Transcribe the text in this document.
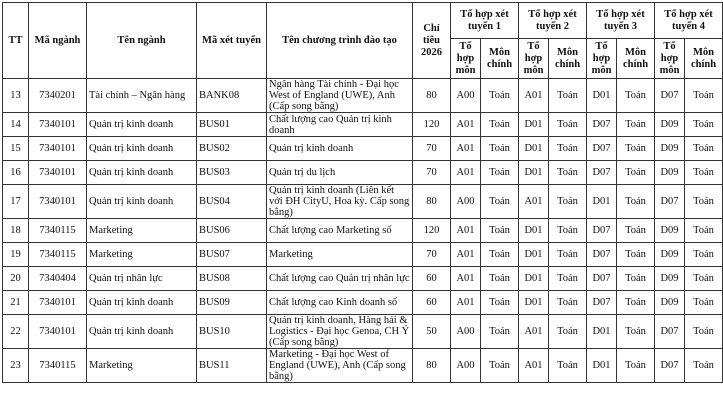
TT	Mã ngành	Tên ngành	Mã xét tuyển	Tên chương trình đào tạo	Chỉ tiêu 2026	Tổ hợp xét tuyển 1		Tổ hợp xét tuyển 2		Tổ hợp xét tuyển 3		Tổ hợp xét tuyển 4	
						Tổ hợp môn	Môn chính	Tổ hợp môn	Môn chính	Tổ hợp môn	Môn chính	Tổ hợp môn	Môn chính
13	7340201	Tài chính – Ngân hàng	BANK08	Ngân hàng Tài chính - Đại học West of England (UWE), Anh (Cấp song bằng)	80	A00	Toán	A01	Toán	D01	Toán	D07	Toán
14	7340101	Quản trị kinh doanh	BUS01	Chất lượng cao Quản trị kinh doanh	120	A01	Toán	D01	Toán	D07	Toán	D09	Toán
15	7340101	Quản trị kinh doanh	BUS02	Quản trị kinh doanh	70	A01	Toán	D01	Toán	D07	Toán	D09	Toán
16	7340101	Quản trị kinh doanh	BUS03	Quản trị du lịch	70	A01	Toán	D01	Toán	D07	Toán	D09	Toán
17	7340101	Quản trị kinh doanh	BUS04	Quản trị kinh doanh (Liên kết với ĐH CityU, Hoa kỳ. Cấp song bằng)	80	A00	Toán	A01	Toán	D01	Toán	D07	Toán
18	7340115	Marketing	BUS06	Chất lượng cao Marketing số	120	A01	Toán	D01	Toán	D07	Toán	D09	Toán
19	7340115	Marketing	BUS07	Marketing	70	A01	Toán	D01	Toán	D07	Toán	D09	Toán
20	7340404	Quản trị nhân lực	BUS08	Chất lượng cao Quản trị nhân lực	60	A01	Toán	D01	Toán	D07	Toán	D09	Toán
21	7340101	Quản trị kinh doanh	BUS09	Chất lượng cao Kinh doanh số	60	A01	Toán	D01	Toán	D07	Toán	D09	Toán
22	7340101	Quản trị kinh doanh	BUS10	Quản trị kinh doanh, Hàng hải & Logistics - Đại học Genoa, CH Ý (Cấp song bằng)	50	A00	Toán	A01	Toán	D01	Toán	D07	Toán
23	7340115	Marketing	BUS11	Marketing - Đại học West of England (UWE), Anh (Cấp song bằng)	80	A00	Toán	A01	Toán	D01	Toán	D07	Toán
